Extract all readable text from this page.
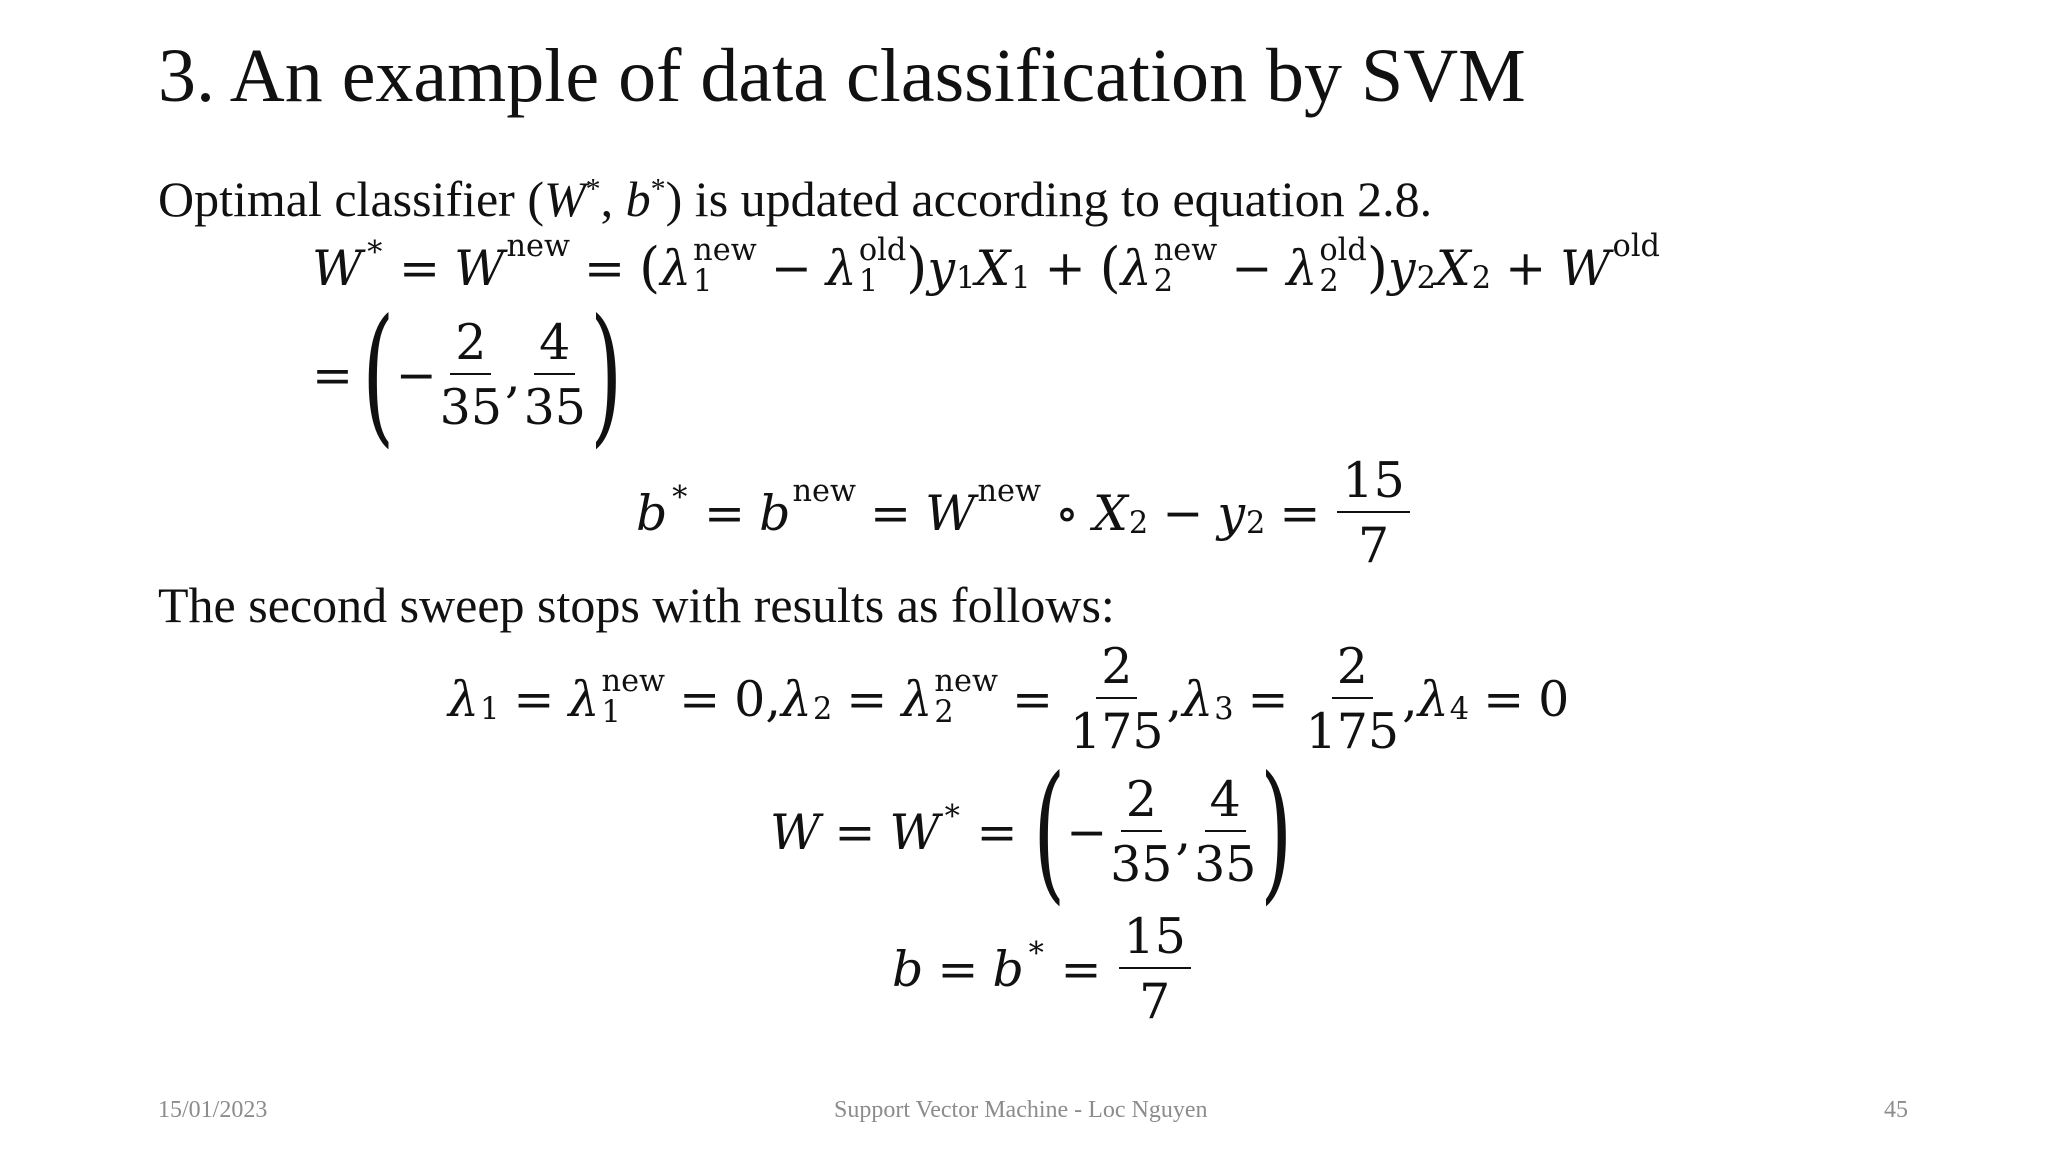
3. An example of data classification by SVM
Optimal classifier (W*, b*) is updated according to equation 2.8.
W ∗ = W new = ( λ new
1	− λ old
1 ) y 1 X 1 + ( λ new
2	− λ old
2 ) y 2 X 2 + W old
= ( − $\frac{2}{35}$ , $\frac{4}{35}$ )
b ∗ = b new = W new ∘ X 2 − y $2 = \frac{15}{7}$
The second sweep stops with results as follows:
λ 1 = λ new
1	= 0 , λ 2 = λ new
2	= $\frac{2}{175}$ , λ $3 = \frac{2}{175}$ , λ 4 = 0
W = W ∗ = ( − $\frac{2}{35}$ , $\frac{4}{35}$ )
b = b ∗ = $\frac{15}{7}$
15/01/2023	Support Vector Machine - Loc Nguyen	45
